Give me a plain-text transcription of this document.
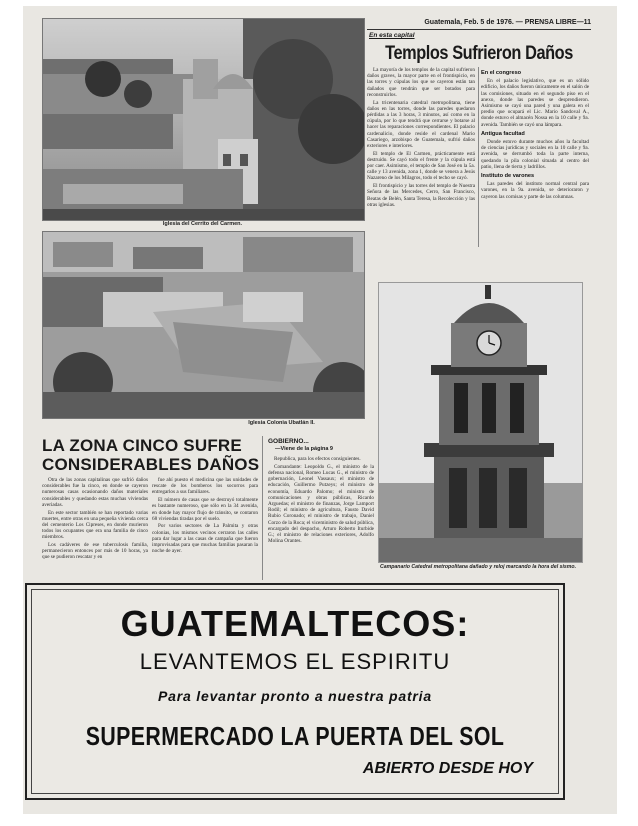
Guatemala, Feb. 5 de 1976. — PRENSA LIBRE—11
En esta capital
Templos Sufrieron Daños
Iglesia del Cerrito del Carmen.
Iglesia Colonia Ubatlán II.

La mayoría de los templos de la capital sufrieron daños graves, la mayor parte en el frontispicio, en las torres y cúpulas los que se cayeron están tan dañados que tendrán que ser botados para reconstruirlos.

La tricentenaria catedral metropolitana, tiene daños en las torres, donde las paredes quedaron pérdidas a las 3 horas, 3 minutos, así como en la cúpula, por lo que tendrá que cerrarse y botarse al hacer las reparaciones correspondientes. El palacio cardenalicio, donde reside el cardenal Mario Casariego, arzobispo de Guatemala, sufrió daños exteriores e interiores.

El templo de El Carmen, prácticamente está destruido. Se cayó todo el frente y la cúpula está por caer. Asimismo, el templo de San José en la 5a. calle y 13 avenida, zona 1, donde se venera a Jesús Nazareno de los Milagros, todo el techo se cayó.

El frontispicio y las torres del templo de Nuestra Señora de las Mercedes, Cerro, San Francisco, Beatas de Belén, Santa Teresa, la Recolección y las otras iglesias.

En el congreso

En el palacio legislativo, que es un sólido edificio, los daños fueron únicamente en el salón de las comisiones, situado en el segundo piso en el anexo, donde las paredes se desprendieron. Asimismo se cayó una pared y una galera en el predio que ocupará el Lic. Mario Sandoval A., donde estuvo el almacén Nossa en la 10 calle y 9a. avenida. También se cayó una lámpara.

Antigua facultad

Donde estuvo durante muchos años la facultad de ciencias jurídicas y sociales en la 10 calle y 9a. avenida, se derrumbó toda la parte interna, quedando la pila colonial situada al centro del patio, llena de tierra y ladrillos.

Instituto de varones

Las paredes del instituto normal central para varones, en la 9a. avenida, se deterioraron y cayeron las cornisas y parte de las columnas.

Campanario Catedral metropolitana dañado y reloj marcando la hora del sismo.
LA ZONA CINCO SUFRE
CONSIDERABLES DAÑOS

Otra de las zonas capitalinas que sufrió daños considerables fue la cinco, en donde se cayeron numerosas casas ocasionando daños materiales considerables y quedando estas muchas viviendas averiadas.

En este sector también se han reportado varias muertes, entre otras en una pequeña vivienda cerca del cementerio Los Cipreses, en donde murieron todos los ocupantes que era una familia de cinco miembros.

Los cadáveres de ese tuberculosis familia, permanecieron entonces por más de 10 horas, ya que se pudieron rescatar y en

fue ahí puesto el medicina que las unidades de rescate de los bomberos los socorros para entregarlos a sus familiares.

El número de casas que se destruyó totalmente es bastante numeroso, que sólo en la 34 avenida, en donde hay mayor flujo de tránsito, se contaron 68 viviendas tiradas por el suelo.

Por varios sectores de La Palmita y otras colonias, los mismos vecinos cerraron las calles para dar lugar a las casas de campaña que fueron improvisadas para que muchas familias pasaran la noche de ayer.

GOBIERNO...
—Viene de la página 9

Republica, para los efectos consiguientes.

Comandante: Leopoldo G., el ministro de la defensa nacional, Romeo Lucas G., el ministro de gobernación, Leonel Vassaux; el ministro de educación, Guillermo Putzeys; el ministro de economía, Eduardo Palomo; el ministro de comunicaciones y obras públicas, Ricardo Arguedas; el ministro de finanzas, Jorge Lamport Rodil; el ministro de agricultura, Fausto David Rubio Coronado; el ministro de trabajo, Daniel Corzo de la Roca; el viceministro de salud pública, encargado del despacho, Arturo Roberto Iturbide G.; el ministro de relaciones exteriores, Adolfo Molina Orantes.

GUATEMALTECOS:
LEVANTEMOS EL ESPIRITU
Para levantar pronto a nuestra patria
SUPERMERCADO LA PUERTA DEL SOL
ABIERTO DESDE HOY
